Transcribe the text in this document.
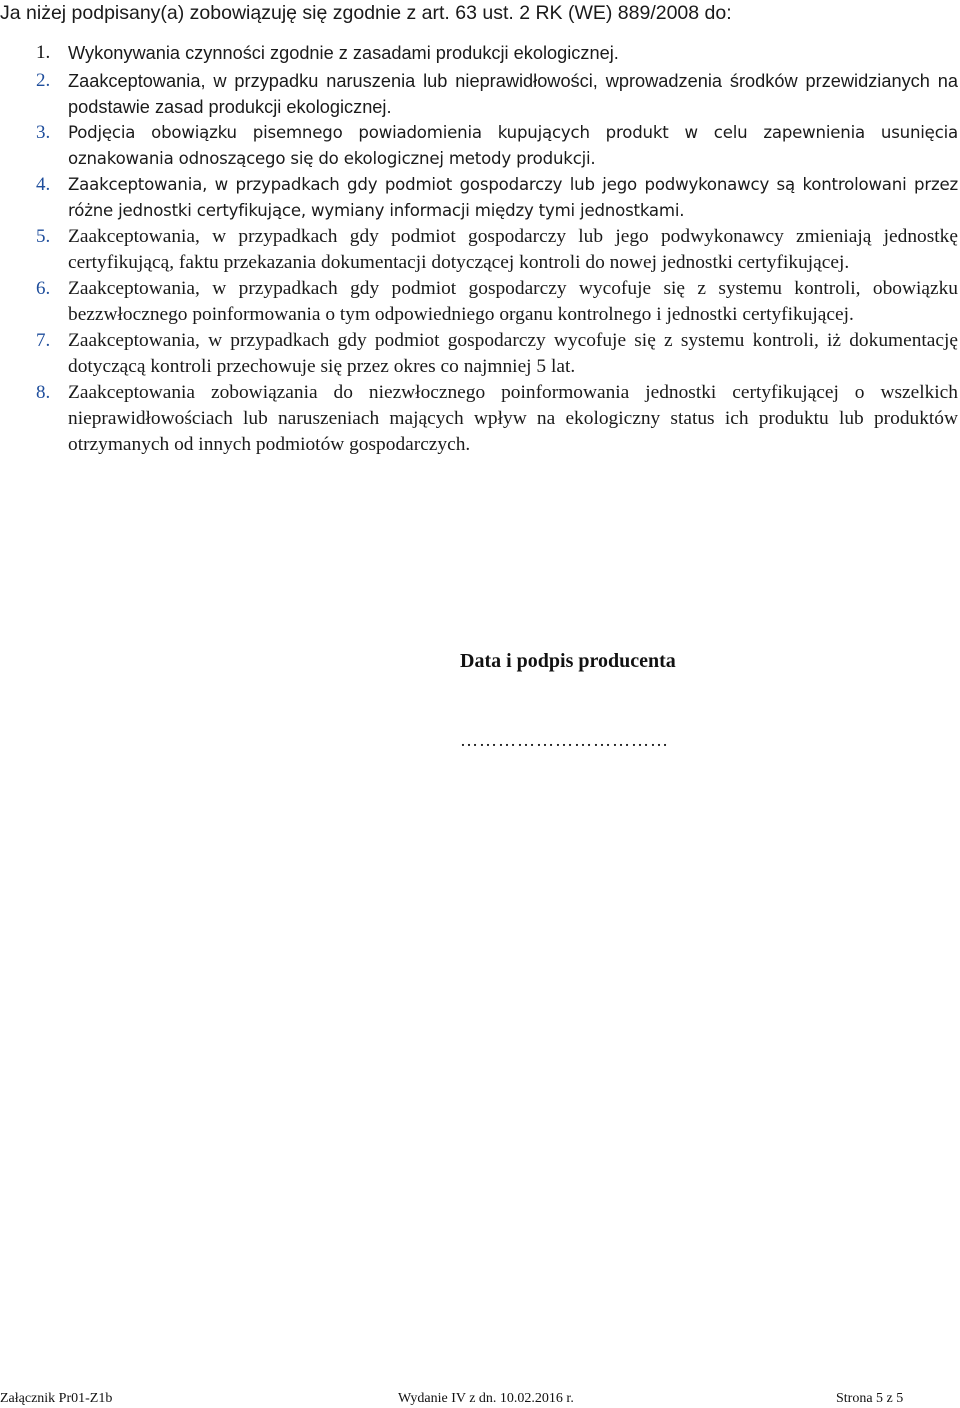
Ja niżej podpisany(a) zobowiązuję się zgodnie z art. 63 ust. 2 RK (WE) 889/2008 do:
1. Wykonywania czynności zgodnie z zasadami produkcji ekologicznej.
2. Zaakceptowania, w przypadku naruszenia lub nieprawidłowości, wprowadzenia środków przewidzianych na podstawie zasad produkcji ekologicznej.
3. Podjęcia obowiązku pisemnego powiadomienia kupujących produkt w celu zapewnienia usunięcia oznakowania odnoszącego się do ekologicznej metody produkcji.
4. Zaakceptowania, w przypadkach gdy podmiot gospodarczy lub jego podwykonawcy są kontrolowani przez różne jednostki certyfikujące, wymiany informacji między tymi jednostkami.
5. Zaakceptowania, w przypadkach gdy podmiot gospodarczy lub jego podwykonawcy zmieniają jednostkę certyfikującą, faktu przekazania dokumentacji dotyczącej kontroli do nowej jednostki certyfikującej.
6. Zaakceptowania, w przypadkach gdy podmiot gospodarczy wycofuje się z systemu kontroli, obowiązku bezzwłocznego poinformowania o tym odpowiedniego organu kontrolnego i jednostki certyfikującej.
7. Zaakceptowania, w przypadkach gdy podmiot gospodarczy wycofuje się z systemu kontroli, iż dokumentację dotyczącą kontroli przechowuje się przez okres co najmniej 5 lat.
8. Zaakceptowania zobowiązania do niezwłocznego poinformowania jednostki certyfikującej o wszelkich nieprawidłowościach lub naruszeniach mających wpływ na ekologiczny status ich produktu lub produktów otrzymanych od innych podmiotów gospodarczych.
Data i podpis producenta
……………………………
Załącznik Pr01-Z1b	Wydanie IV z dn. 10.02.2016 r.	Strona 5 z 5
